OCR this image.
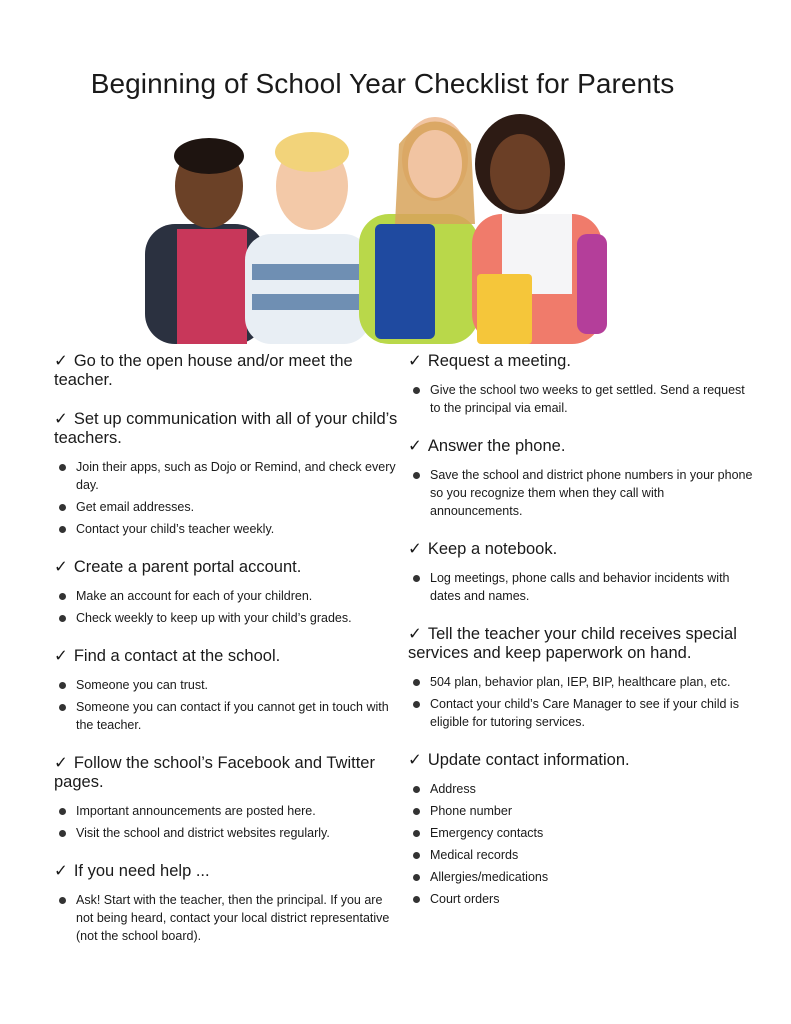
Beginning of School Year Checklist for Parents

✓ Go to the open house and/or meet the teacher.

✓ Set up communication with all of your child’s teachers.

Join their apps, such as Dojo or Remind, and check every day.
Get email addresses.
Contact your child’s teacher weekly.

✓ Create a parent portal account.

Make an account for each of your children.
Check weekly to keep up with your child’s grades.

✓ Find a contact at the school.

Someone you can trust.
Someone you can contact if you cannot get in touch with the teacher.

✓ Follow the school’s Facebook and Twitter pages.

Important announcements are posted here.
Visit the school and district websites regularly.

✓ If you need help ...

Ask! Start with the teacher, then the principal. If you are not being heard, contact your local district representative (not the school board).

✓ Request a meeting.

Give the school two weeks to get settled. Send a request to the principal via email.

✓ Answer the phone.

Save the school and district phone numbers in your phone so you recognize them when they call with announcements.

✓ Keep a notebook.

Log meetings, phone calls and behavior incidents with dates and names.

✓ Tell the teacher your child receives special services and keep paperwork on hand.

504 plan, behavior plan, IEP, BIP, healthcare plan, etc.
Contact your child’s Care Manager to see if your child is eligible for tutoring services.

✓ Update contact information.

Address
Phone number
Emergency contacts
Medical records
Allergies/medications
Court orders
